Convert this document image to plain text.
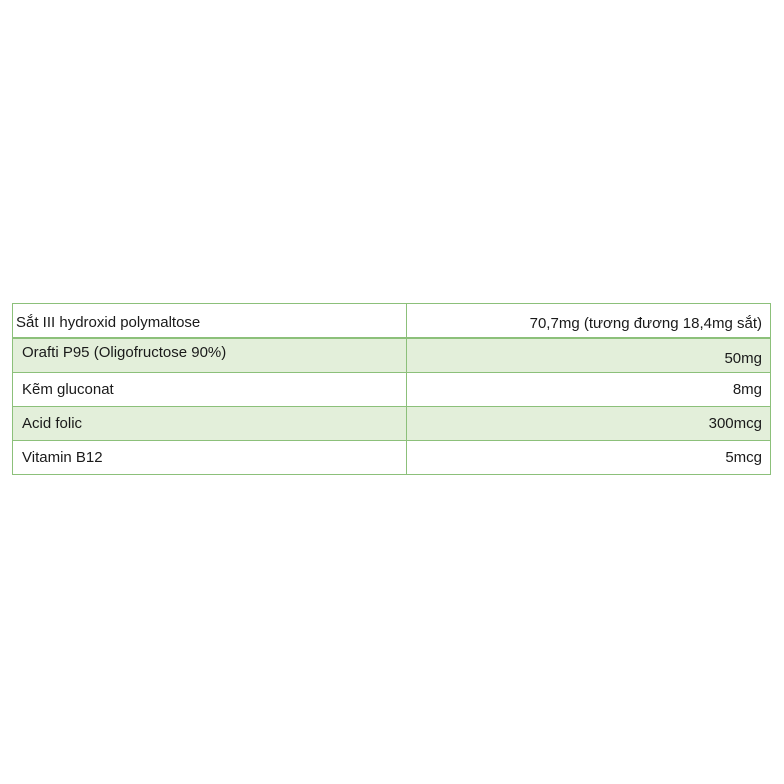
Sắt III hydroxid polymaltose	70,7mg (tương đương 18,4mg sắt)
Orafti P95 (Oligofructose 90%)	50mg
Kẽm gluconat	8mg
Acid folic	300mcg
Vitamin B12	5mcg
